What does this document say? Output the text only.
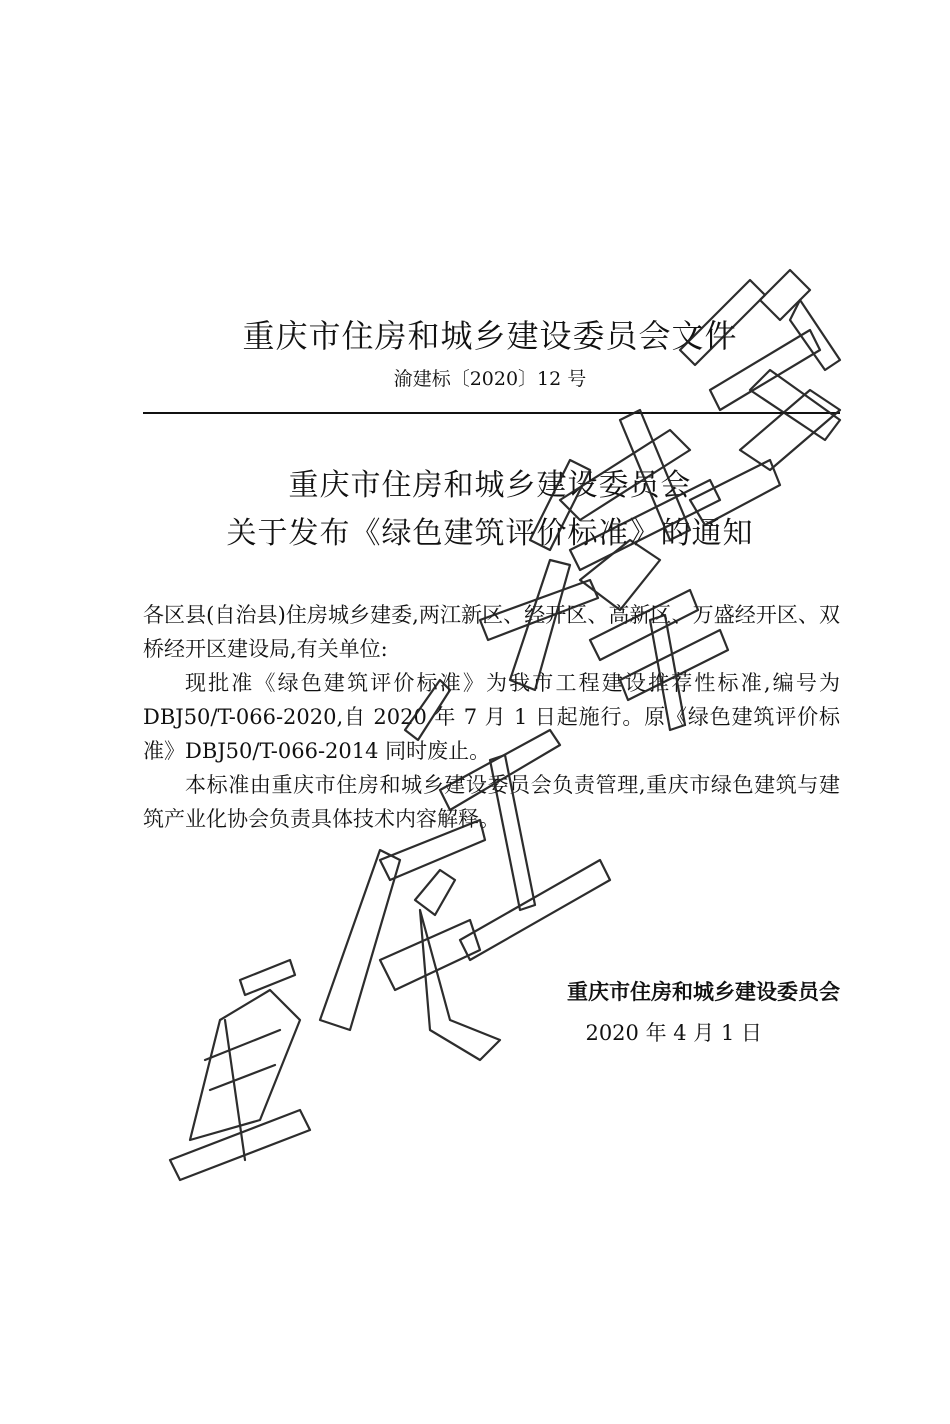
重庆市住房和城乡建设委员会文件
渝建标〔2020〕12 号
重庆市住房和城乡建设委员会
关于发布《绿色建筑评价标准》的通知

各区县(自治县)住房城乡建委,两江新区、经开区、高新区、万盛经开区、双桥经开区建设局,有关单位:

现批准《绿色建筑评价标准》为我市工程建设推荐性标准,编号为 DBJ50/T-066-2020,自 2020 年 7 月 1 日起施行。原《绿色建筑评价标准》DBJ50/T-066-2014 同时废止。

本标准由重庆市住房和城乡建设委员会负责管理,重庆市绿色建筑与建筑产业化协会负责具体技术内容解释。

重庆市住房和城乡建设委员会
2020 年 4 月 1 日
